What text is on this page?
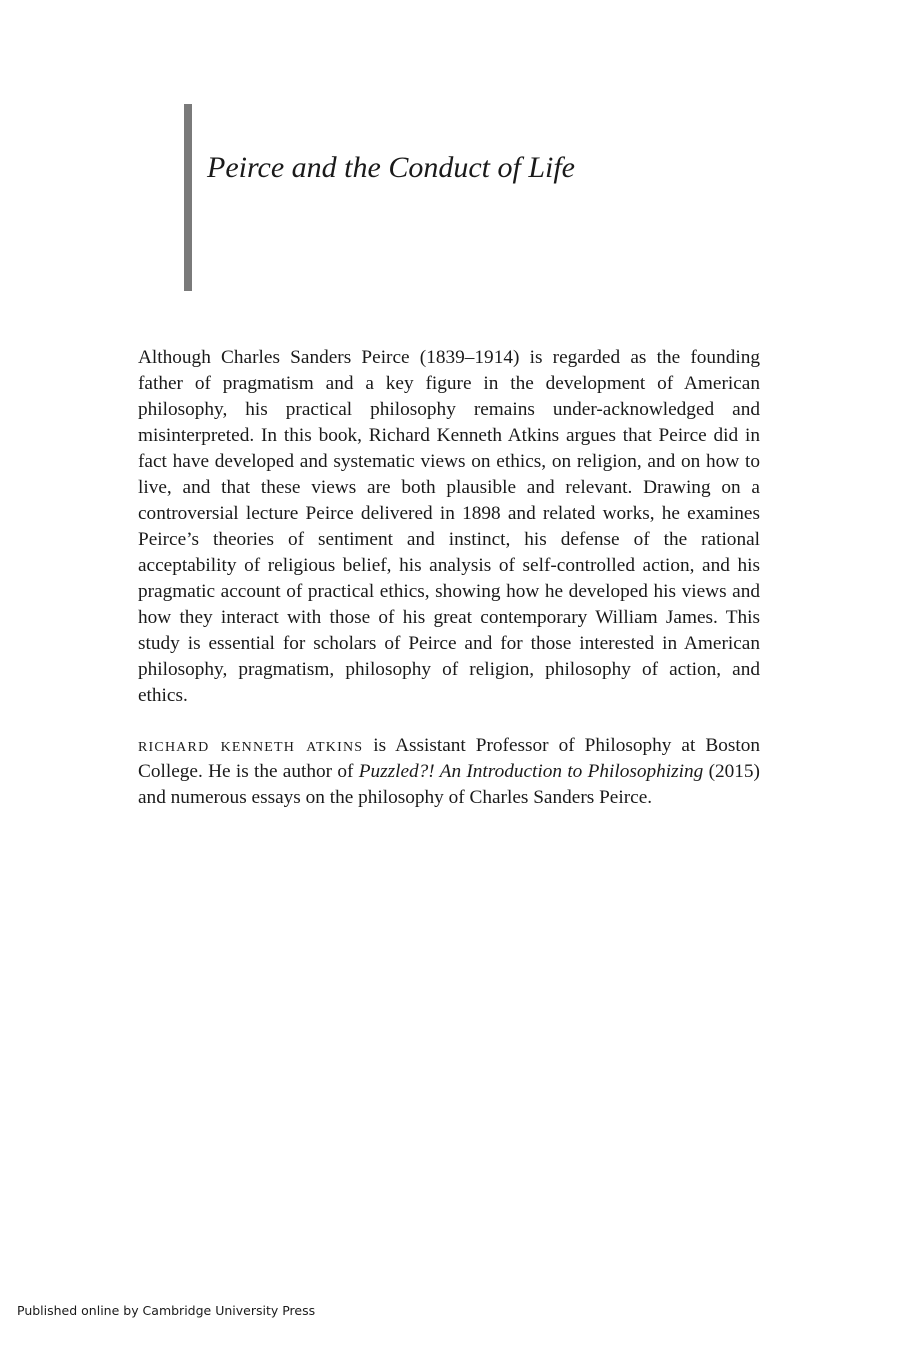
Peirce and the Conduct of Life

Although Charles Sanders Peirce (1839–1914) is regarded as the founding father of pragmatism and a key figure in the development of American philosophy, his practical philosophy remains under-acknowledged and misinterpreted. In this book, Richard Kenneth Atkins argues that Peirce did in fact have developed and systematic views on ethics, on religion, and on how to live, and that these views are both plausible and relevant. Drawing on a controversial lecture Peirce delivered in 1898 and related works, he examines Peirce’s theories of sentiment and instinct, his defense of the rational acceptability of religious belief, his analysis of self-controlled action, and his pragmatic account of practical ethics, showing how he developed his views and how they interact with those of his great contemporary William James. This study is essential for scholars of Peirce and for those interested in American philosophy, pragmatism, philosophy of religion, philosophy of action, and ethics.

richard kenneth atkins is Assistant Professor of Philosophy at Boston College. He is the author of Puzzled?! An Introduction to Philosophizing (2015) and numerous essays on the philosophy of Charles Sanders Peirce.

Published online by Cambridge University Press
